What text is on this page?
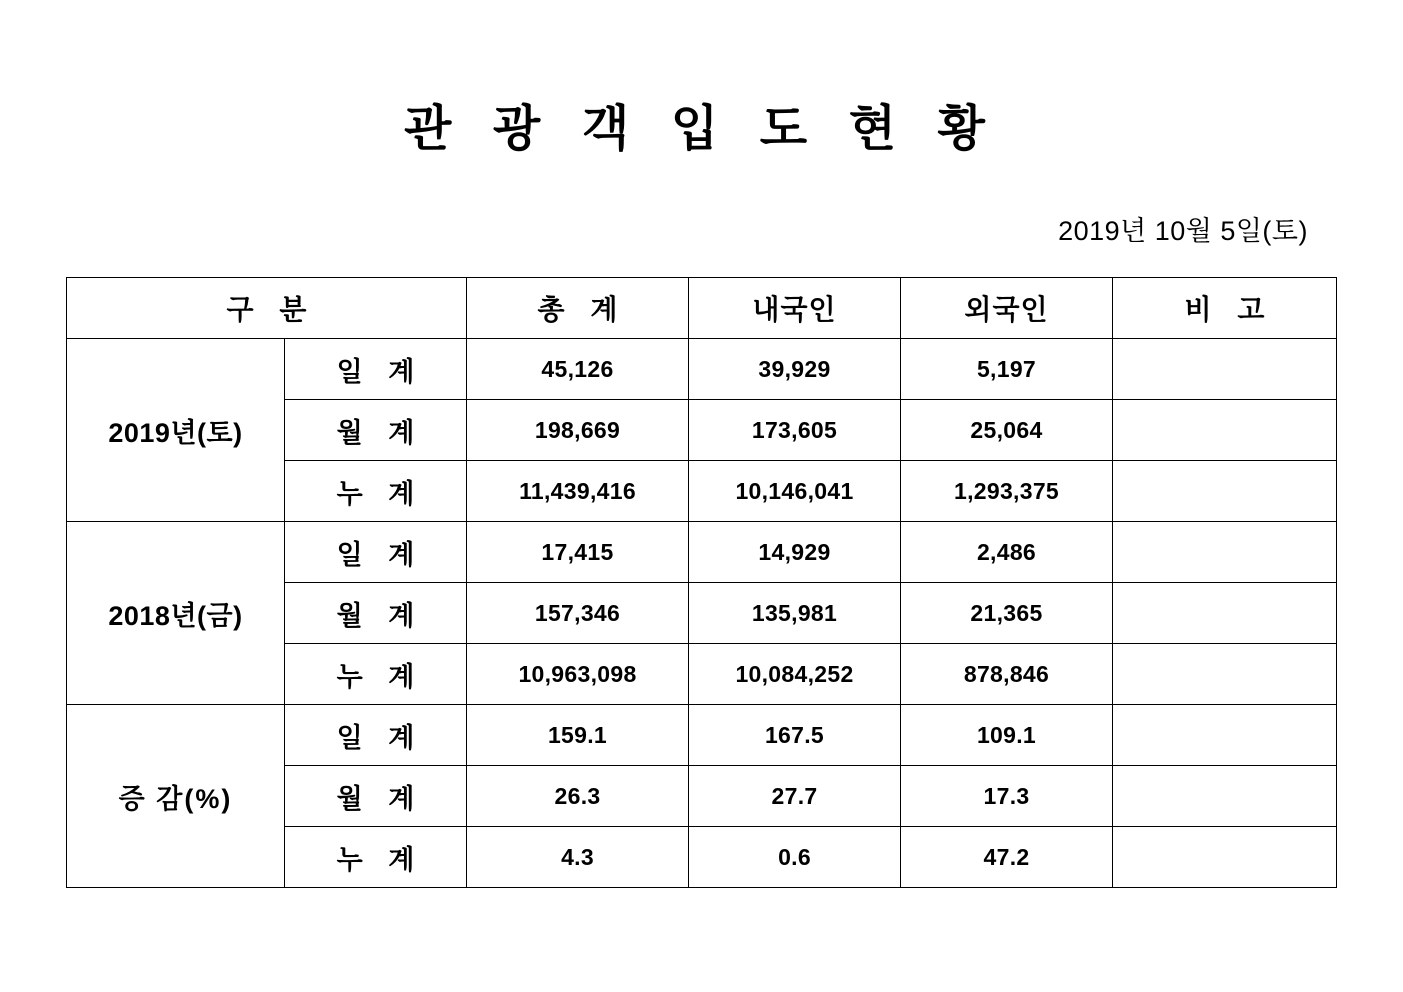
관 광 객 입 도 현 황
2019년 10월 5일(토)
구 분		총 계	내국인	외국인	비 고
2019년(토)	일 계	45,126	39,929	5,197	
	월 계	198,669	173,605	25,064	
	누 계	11,439,416	10,146,041	1,293,375	
2018년(금)	일 계	17,415	14,929	2,486	
	월 계	157,346	135,981	21,365	
	누 계	10,963,098	10,084,252	878,846	
증 감(%)	일 계	159.1	167.5	109.1	
	월 계	26.3	27.7	17.3	
	누 계	4.3	0.6	47.2	
